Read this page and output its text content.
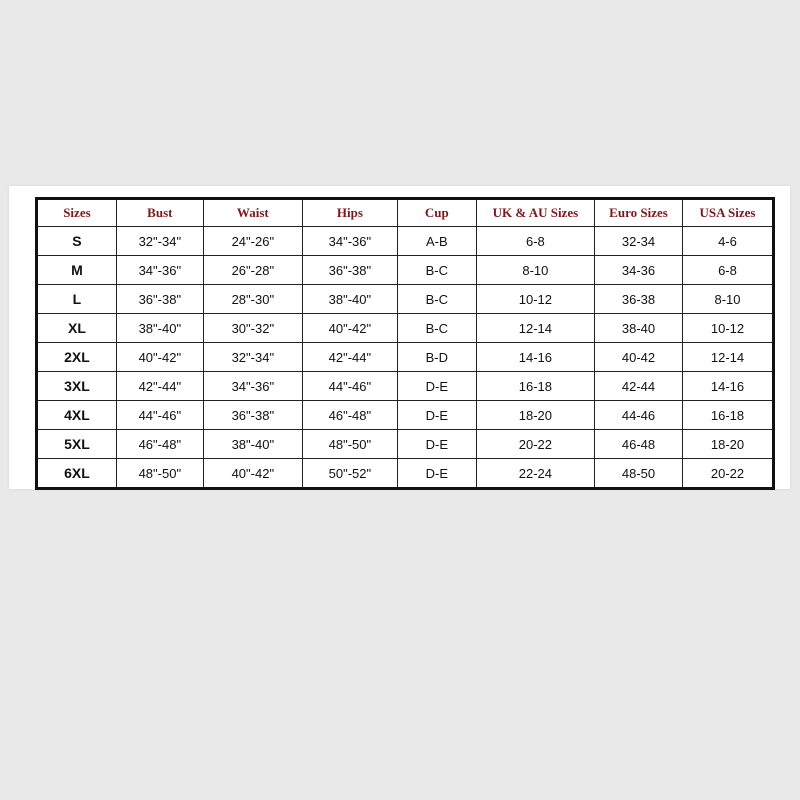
Sizes	Bust	Waist	Hips	Cup	UK & AU Sizes	Euro Sizes	USA Sizes
S	32"-34"	24"-26"	34"-36"	A-B	6-8	32-34	4-6
M	34"-36"	26"-28"	36"-38"	B-C	8-10	34-36	6-8
L	36"-38"	28"-30"	38"-40"	B-C	10-12	36-38	8-10
XL	38"-40"	30"-32"	40"-42"	B-C	12-14	38-40	10-12
2XL	40"-42"	32"-34"	42"-44"	B-D	14-16	40-42	12-14
3XL	42"-44"	34"-36"	44"-46"	D-E	16-18	42-44	14-16
4XL	44"-46"	36"-38"	46"-48"	D-E	18-20	44-46	16-18
5XL	46"-48"	38"-40"	48"-50"	D-E	20-22	46-48	18-20
6XL	48"-50"	40"-42"	50"-52"	D-E	22-24	48-50	20-22
